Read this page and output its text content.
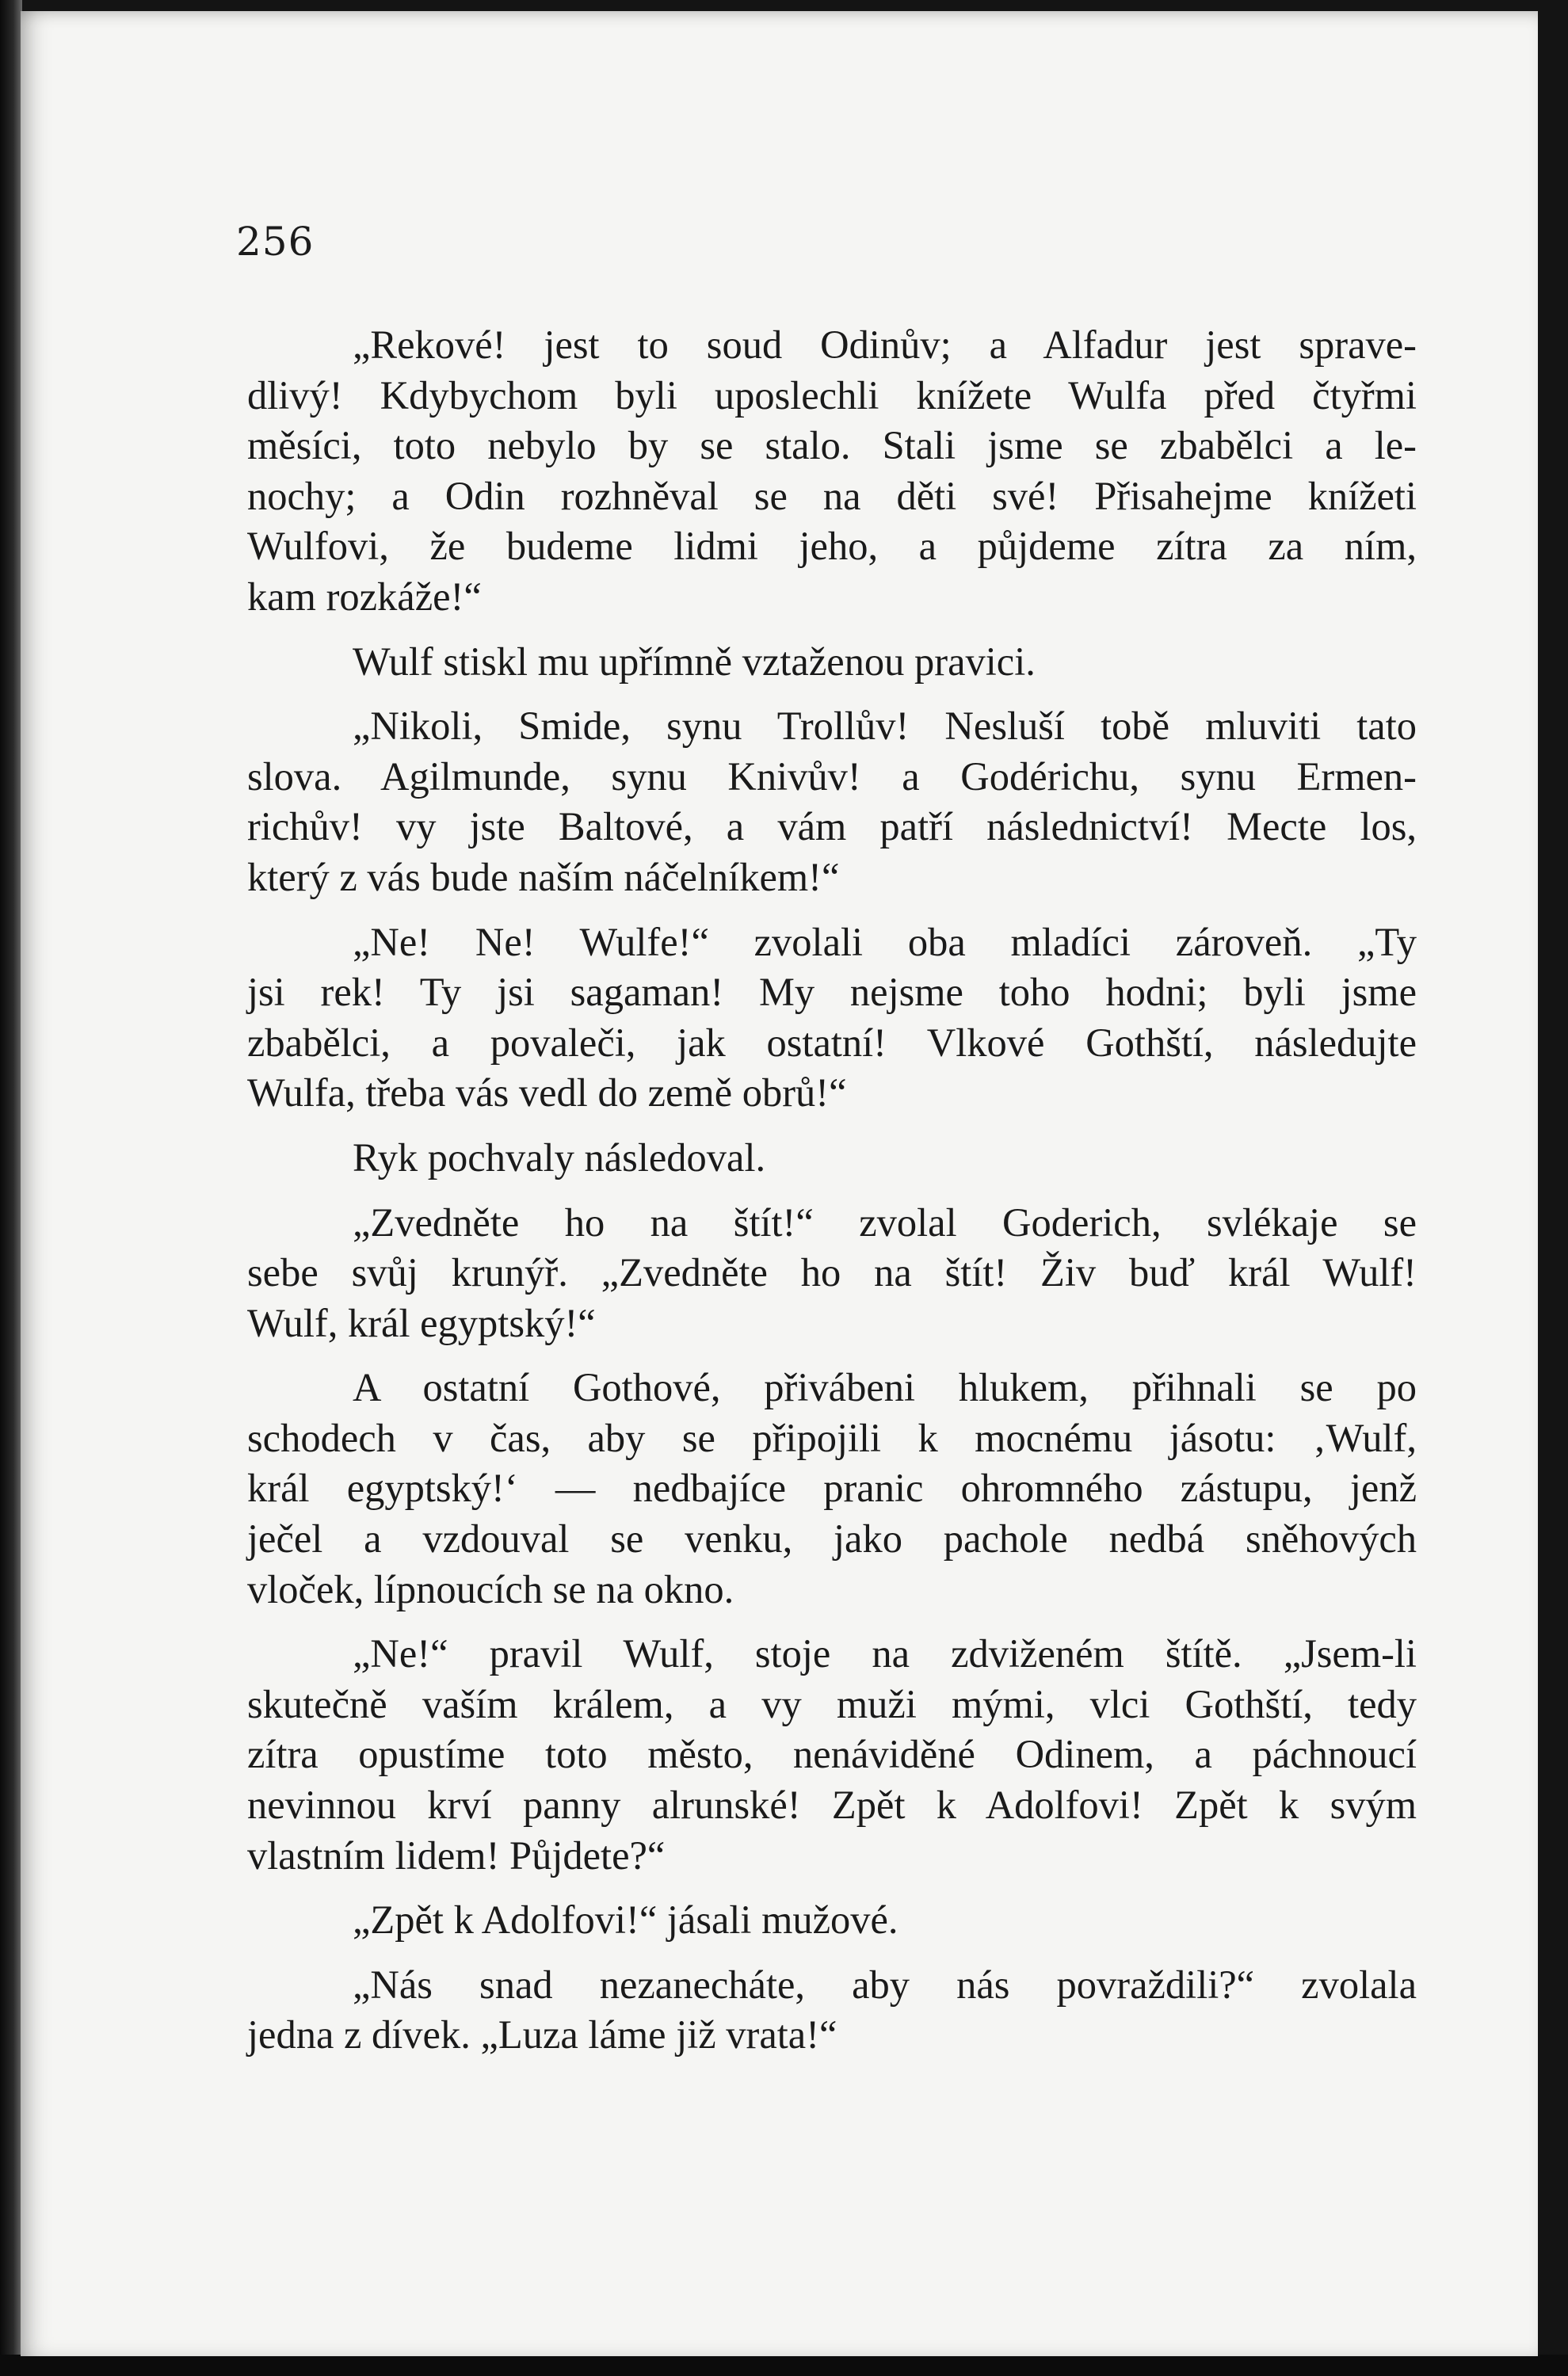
256
„Rekové! jest to soud Odinův; a Alfadur jest sprave-
dlivý! Kdybychom byli uposlechli knížete Wulfa před čtyřmi
měsíci, toto nebylo by se stalo. Stali jsme se zbabělci a le-
nochy; a Odin rozhněval se na děti své! Přisahejme knížeti
Wulfovi, že budeme lidmi jeho, a půjdeme zítra za ním,
kam rozkáže!“
Wulf stiskl mu upřímně vztaženou pravici.
„Nikoli, Smide, synu Trollův! Nesluší tobě mluviti tato
slova. Agilmunde, synu Knivův! a Godérichu, synu Ermen-
richův! vy jste Baltové, a vám patří následnictví! Mecte los,
který z vás bude naším náčelníkem!“
„Ne! Ne! Wulfe!“ zvolali oba mladíci zároveň. „Ty
jsi rek! Ty jsi sagaman! My nejsme toho hodni; byli jsme
zbabělci, a povaleči, jak ostatní! Vlkové Gothští, následujte
Wulfa, třeba vás vedl do země obrů!“
Ryk pochvaly následoval.
„Zvedněte ho na štít!“ zvolal Goderich, svlékaje se
sebe svůj krunýř. „Zvedněte ho na štít! Živ buď král Wulf!
Wulf, král egyptský!“
A ostatní Gothové, přivábeni hlukem, přihnali se po
schodech v čas, aby se připojili k mocnému jásotu: ‚Wulf,
král egyptský!‘ — nedbajíce pranic ohromného zástupu, jenž
ječel a vzdouval se venku, jako pachole nedbá sněhových
vloček, lípnoucích se na okno.
„Ne!“ pravil Wulf, stoje na zdviženém štítě. „Jsem-li
skutečně vaším králem, a vy muži mými, vlci Gothští, tedy
zítra opustíme toto město, nenáviděné Odinem, a páchnoucí
nevinnou krví panny alrunské! Zpět k Adolfovi! Zpět k svým
vlastním lidem! Půjdete?“
„Zpět k Adolfovi!“ jásali mužové.
„Nás snad nezanecháte, aby nás povraždili?“ zvolala
jedna z dívek. „Luza láme již vrata!“
